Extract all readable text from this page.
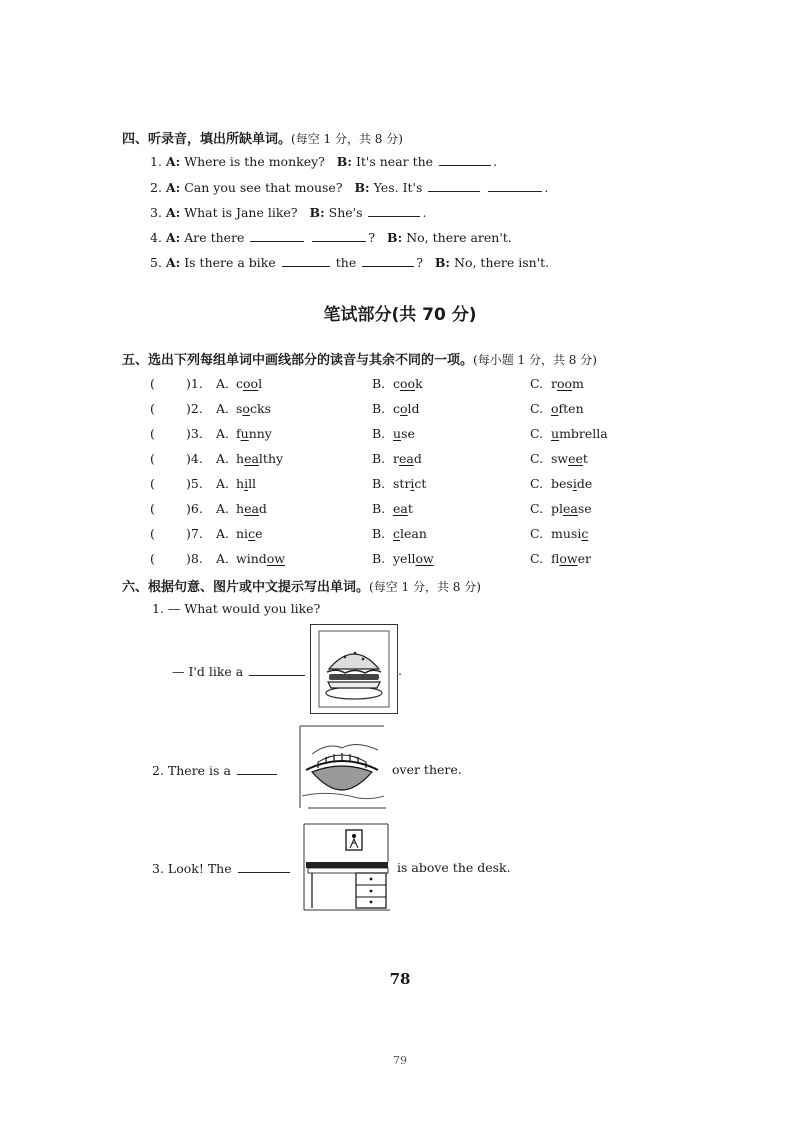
四、听录音，填出所缺单词。(每空 1 分，共 8 分)
1. A: Where is the monkey? B: It's near the	.
2. A: Can you see that mouse? B: Yes. It's	.
3. A: What is Jane like? B: She's	.
4. A: Are there	? B: No, there aren't.
5. A: Is there a bike	the	? B: No, there isn't.
笔试部分(共 70 分)
五、选出下列每组单词中画线部分的读音与其余不同的一项。(每小题 1 分，共 8 分)
( )1. A. cool	B. cook	C. room
( )2. A. socks	B. cold	C. often
( )3. A. funny	B. use	C. umbrella
( )4. A. healthy	B. read	C. sweet
( )5. A. hill	B. strict	C. beside
( )6. A. head	B. eat	C. please
( )7. A. nice	B. clean	C. music
( )8. A. window	B. yellow	C. flower
六、根据句意、图片或中文提示写出单词。(每空 1 分，共 8 分)
1. — What would you like?
— I'd like a	.
2. There is a	over there.
3. Look! The	is above the desk.
78
79
